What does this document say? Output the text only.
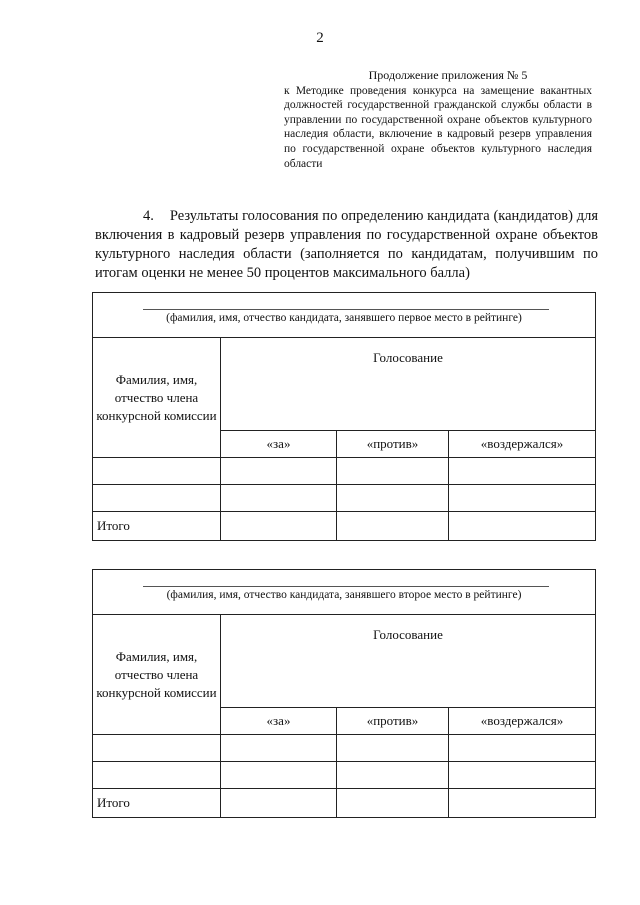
2
Продолжение приложения № 5
к Методике проведения конкурса на замещение вакантных должностей государственной гражданской службы области в управлении по государственной охране объектов культурного наследия области, включение в кадровый резерв управления по государственной охране объектов культурного наследия области
4. Результаты голосования по определению кандидата (кандидатов) для включения в кадровый резерв управления по государственной охране объектов культурного наследия области (заполняется по кандидатам, получившим по итогам оценки не менее 50 процентов максимального балла)
(фамилия, имя, отчество кандидата, занявшего первое место в рейтинге)			

Фамилия, имя, отчество члена конкурсной комиссии	Голосование		
	«за»	«против»	«воздержался»

Итого			
(фамилия, имя, отчество кандидата, занявшего второе место в рейтинге)			

Фамилия, имя, отчество члена конкурсной комиссии	Голосование		
	«за»	«против»	«воздержался»

Итого			
